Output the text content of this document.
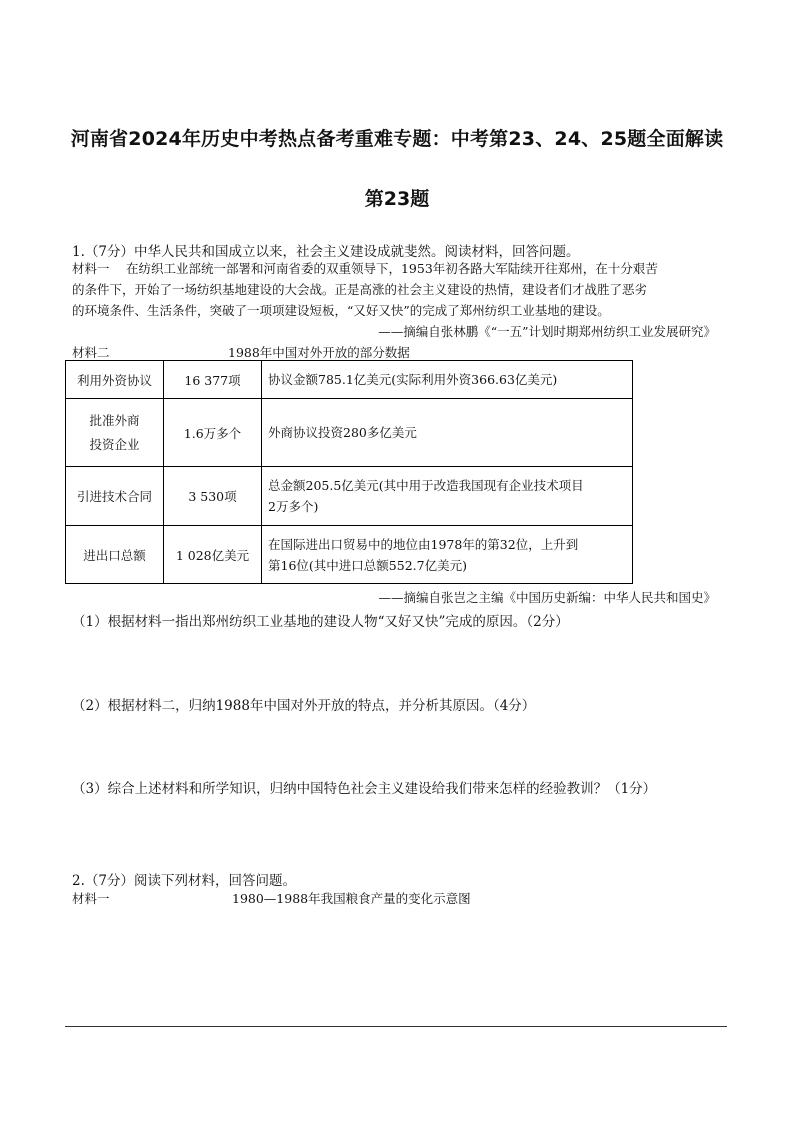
河南省2024年历史中考热点备考重难专题：中考第23、24、25题全面解读
第23题
1.（7分）中华人民共和国成立以来，社会主义建设成就斐然。阅读材料，回答问题。
材料一　 在纺织工业部统一部署和河南省委的双重领导下，1953年初各路大军陆续开往郑州，在十分艰苦
的条件下，开始了一场纺织基地建设的大会战。正是高涨的社会主义建设的热情，建设者们才战胜了恶劣
的环境条件、生活条件，突破了一项项建设短板，“又好又快”的完成了郑州纺织工业基地的建设。
——摘编自张林鹏《“一五”计划时期郑州纺织工业发展研究》
材料二	1988年中国对外开放的部分数据
利用外资协议	16 377项	协议金额785.1亿美元(实际利用外资366.63亿美元)

批准外商
投资企业	1.6万多个	外商协议投资280多亿美元
引进技术合同	3 530项	总金额205.5亿美元(其中用于改造我国现有企业技术项目
2万多个)

进出口总额	1 028亿美元	在国际进出口贸易中的地位由1978年的第32位，上升到
第16位(其中进口总额552.7亿美元)
——摘编自张岂之主编《中国历史新编：中华人民共和国史》
（1）根据材料一指出郑州纺织工业基地的建设人物“又好又快”完成的原因。（2分）
（2）根据材料二，归纳1988年中国对外开放的特点，并分析其原因。（4分）
（3）综合上述材料和所学知识，归纳中国特色社会主义建设给我们带来怎样的经验教训？（1分）
2.（7分）阅读下列材料，回答问题。
材料一	1980—1988年我国粮食产量的变化示意图
